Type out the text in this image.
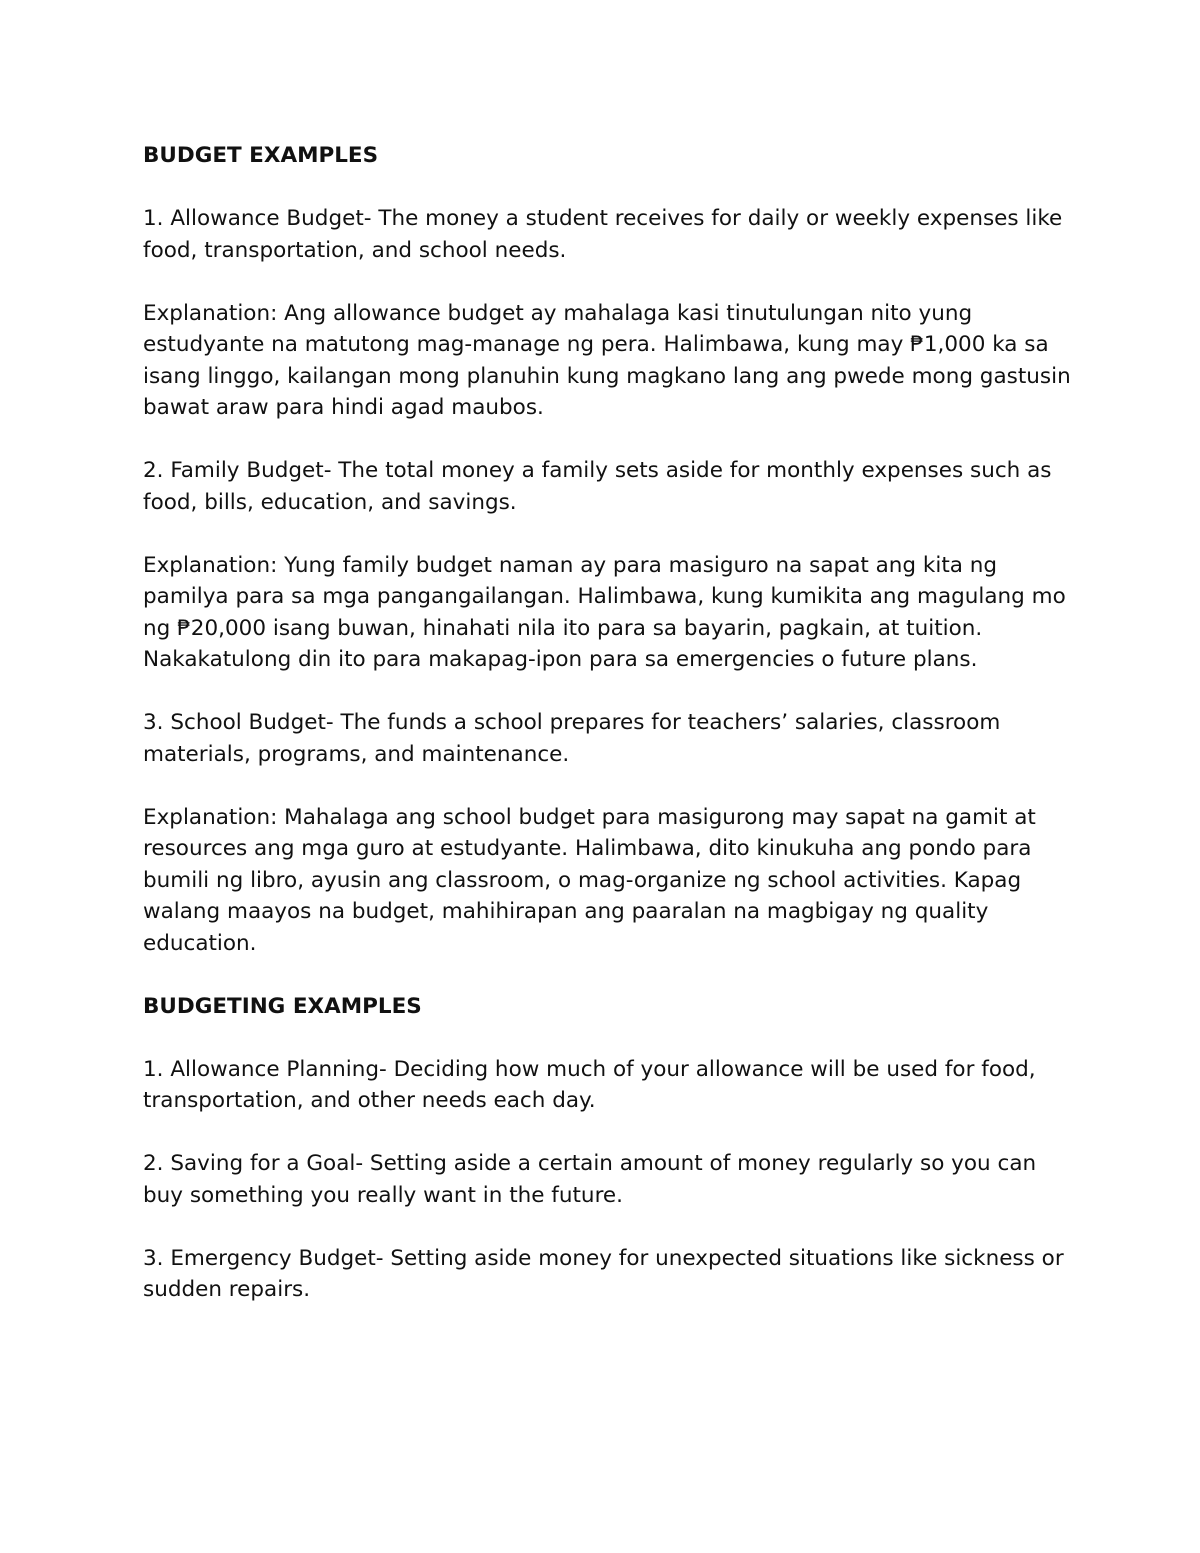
BUDGET EXAMPLES

1. Allowance Budget- The money a student receives for daily or weekly expenses like food, transportation, and school needs.

Explanation: Ang allowance budget ay mahalaga kasi tinutulungan nito yung estudyante na matutong mag-manage ng pera. Halimbawa, kung may ₱1,000 ka sa isang linggo, kailangan mong planuhin kung magkano lang ang pwede mong gastusin bawat araw para hindi agad maubos.

2. Family Budget- The total money a family sets aside for monthly expenses such as food, bills, education, and savings.

Explanation: Yung family budget naman ay para masiguro na sapat ang kita ng pamilya para sa mga pangangailangan. Halimbawa, kung kumikita ang magulang mo ng ₱20,000 isang buwan, hinahati nila ito para sa bayarin, pagkain, at tuition. Nakakatulong din ito para makapag-ipon para sa emergencies o future plans.

3. School Budget- The funds a school prepares for teachers’ salaries, classroom materials, programs, and maintenance.

Explanation: Mahalaga ang school budget para masigurong may sapat na gamit at resources ang mga guro at estudyante. Halimbawa, dito kinukuha ang pondo para bumili ng libro, ayusin ang classroom, o mag-organize ng school activities. Kapag walang maayos na budget, mahihirapan ang paaralan na magbigay ng quality education.

BUDGETING EXAMPLES

1. Allowance Planning- Deciding how much of your allowance will be used for food, transportation, and other needs each day.

2. Saving for a Goal- Setting aside a certain amount of money regularly so you can buy something you really want in the future.

3. Emergency Budget- Setting aside money for unexpected situations like sickness or sudden repairs.
